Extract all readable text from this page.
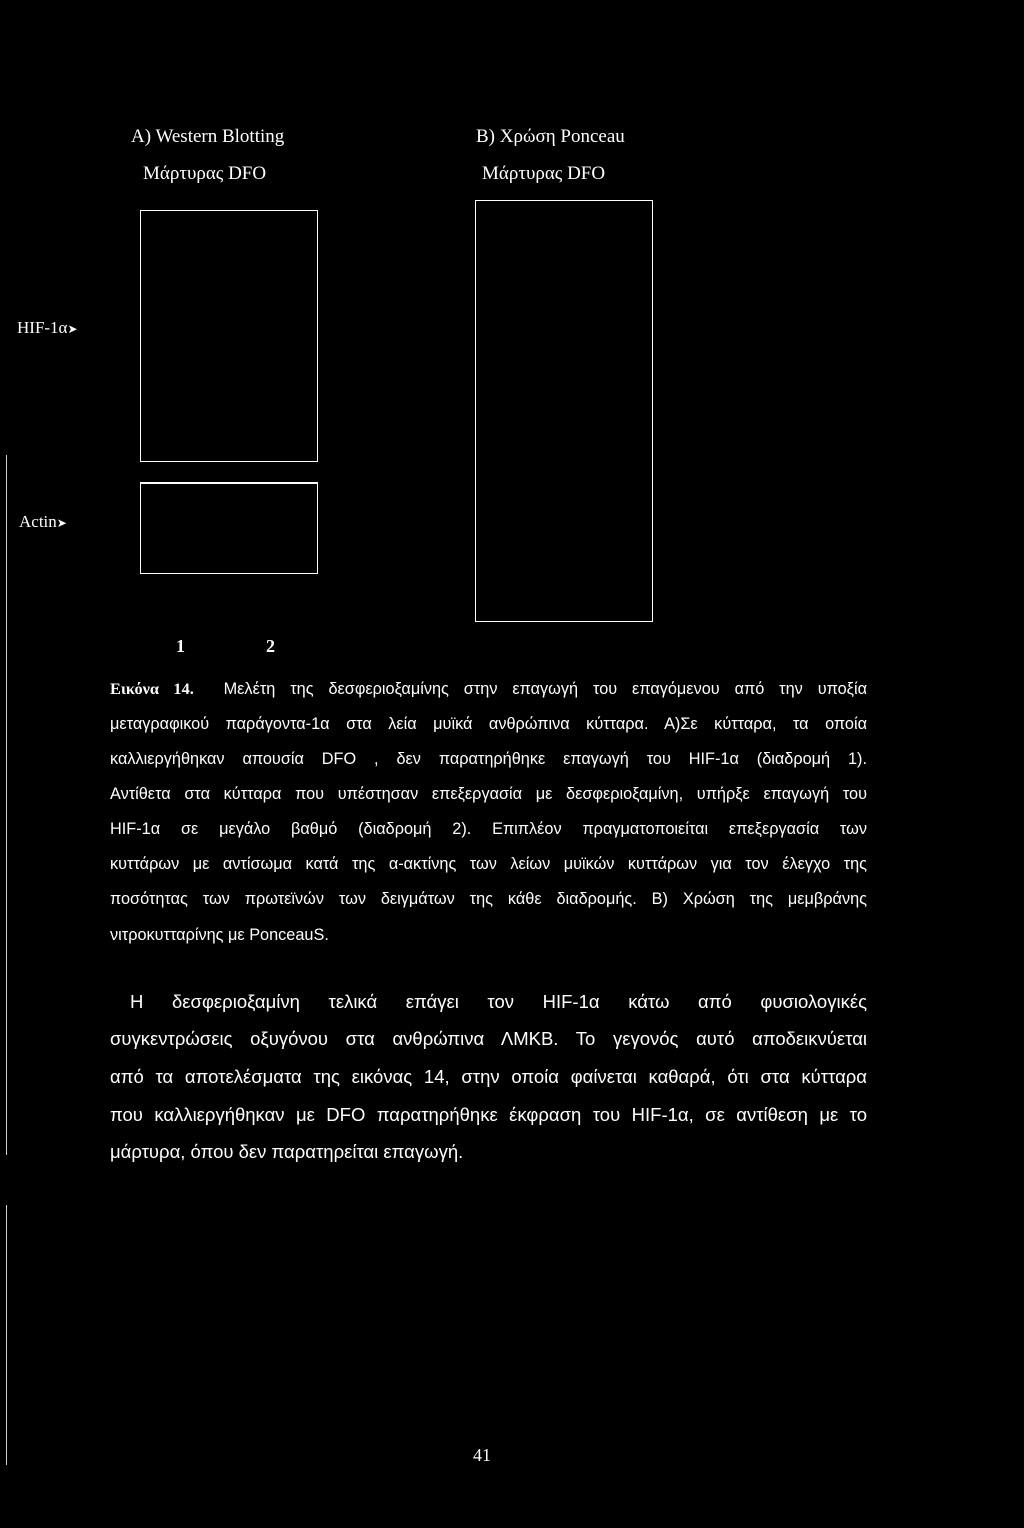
A) Western Blotting
Μάρτυρας DFO
B) Χρώση Ponceau
Μάρτυρας DFO
HIF-1α➤
Actin➤
1	2
Εικόνα 14. Μελέτη της δεσφεριοξαμίνης στην επαγωγή του επαγόμενου από την υποξία
μεταγραφικού παράγοντα-1α στα λεία μυϊκά ανθρώπινα κύτταρα. Α)Σε κύτταρα, τα οποία
καλλιεργήθηκαν απουσία DFO , δεν παρατηρήθηκε επαγωγή του HIF-1α (διαδρομή 1).
Αντίθετα στα κύτταρα που υπέστησαν επεξεργασία με δεσφεριοξαμίνη, υπήρξε επαγωγή του
HIF-1α σε μεγάλο βαθμό (διαδρομή 2). Επιπλέον πραγματοποιείται επεξεργασία των
κυττάρων με αντίσωμα κατά της α-ακτίνης των λείων μυϊκών κυττάρων για τον έλεγχο της
ποσότητας των πρωτεϊνών των δειγμάτων της κάθε διαδρομής. Β) Χρώση της μεμβράνης
νιτροκυτταρίνης με PonceauS.
Η δεσφεριοξαμίνη τελικά επάγει τον HIF-1α κάτω από φυσιολογικές
συγκεντρώσεις οξυγόνου στα ανθρώπινα ΛΜΚΒ. Το γεγονός αυτό αποδεικνύεται
από τα αποτελέσματα της εικόνας 14, στην οποία φαίνεται καθαρά, ότι στα κύτταρα
που καλλιεργήθηκαν με DFO παρατηρήθηκε έκφραση του HIF-1α, σε αντίθεση με το
μάρτυρα, όπου δεν παρατηρείται επαγωγή.
41
